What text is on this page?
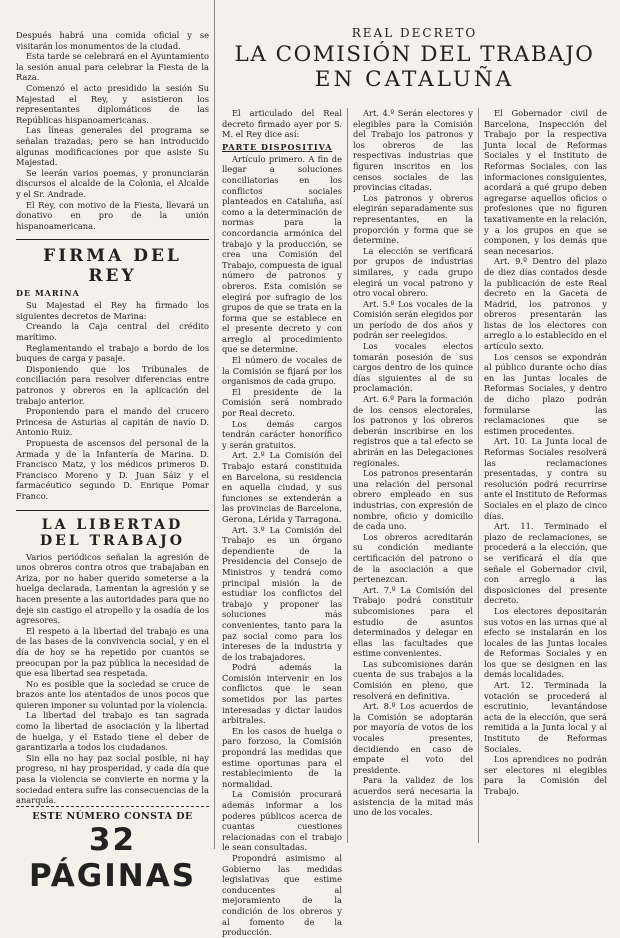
Después habrá una comida oficial y se visitarán los monumentos de la ciudad.

Esta tarde se celebrará en el Ayuntamiento la sesión anual para celebrar la Fiesta de la Raza.

Comenzó el acto presidido la sesión Su Majestad el Rey, y asistieron los representantes diplomáticos de las Repúblicas hispanoamericanas.

Las líneas generales del programa se señalan trazadas, pero se han introducido algunas modificaciones por que asiste Su Majestad.

Se leerán varios poemas, y pronunciarán discursos el alcalde de la Colonia, el Alcalde y el Sr. Andrade.

El Rey, con motivo de la Fiesta, llevará un donativo en pro de la unión hispanoamericana.

FIRMA DEL REY
DE MARINA

Su Majestad el Rey ha firmado los siguientes decretos de Marina:

Creando la Caja central del crédito marítimo.

Reglamentando el trabajo a bordo de los buques de carga y pasaje.

Disponiendo que los Tribunales de conciliación para resolver diferencias entre patronos y obreros en la aplicación del trabajo anterior.

Proponiendo para el mando del crucero Princesa de Asturias al capitán de navío D. Antonio Ruiz.

Propuesta de ascensos del personal de la Armada y de la Infantería de Marina. D. Francisco Matz, y los médicos primeros D. Francisco Moreno y D. Juan Sáiz y el farmacéutico segundo D. Enrique Pomar Franco.

LA LIBERTAD
DEL TRABAJO

Varios periódicos señalan la agresión de unos obreros contra otros que trabajaban en Ariza, por no haber querido someterse a la huelga declarada. Lamentan la agresión y se hacen presente a las autoridades para que no deje sin castigo el atropello y la osadía de los agresores.

El respeto a la libertad del trabajo es una de las bases de la convivencia social, y en el día de hoy se ha repetido por cuantos se preocupan por la paz pública la necesidad de que esa libertad sea respetada.

No es posible que la sociedad se cruce de brazos ante los atentados de unos pocos que quieren imponer su voluntad por la violencia.

La libertad del trabajo es tan sagrada como la libertad de asociación y la libertad de huelga, y el Estado tiene el deber de garantizarla a todos los ciudadanos.

Sin ella no hay paz social posible, ni hay progreso, ni hay prosperidad, y cada día que pasa la violencia se convierte en norma y la sociedad entera sufre las consecuencias de la anarquía.

ESTE NÚMERO CONSTA DE
32 PÁGINAS
REAL DECRETO
LA COMISIÓN DEL TRABAJO
EN CATALUÑA

El articulado del Real decreto firmado ayer por S. M. el Rey dice así:

PARTE DISPOSITIVA

Artículo primero. A fin de llegar a soluciones conciliatorias en los conflictos sociales planteados en Cataluña, así como a la determinación de normas para la concordancia armónica del trabajo y la producción, se crea una Comisión del Trabajo, compuesta de igual número de patronos y obreros. Esta comisión se elegirá por sufragio de los grupos de que se trata en la forma que se establece en el presente decreto y con arreglo al procedimiento que se determine.

El número de vocales de la Comisión se fijará por los organismos de cada grupo.

El presidente de la Comisión será nombrado por Real decreto.

Los demás cargos tendrán carácter honorífico y serán gratuitos.

Art. 2.º La Comisión del Trabajo estará constituida en Barcelona, su residencia en aquella ciudad, y sus funciones se extenderán a las provincias de Barcelona, Gerona, Lérida y Tarragona.

Art. 3.º La Comisión del Trabajo es un órgano dependiente de la Presidencia del Consejo de Ministros y tendrá como principal misión la de estudiar los conflictos del trabajo y proponer las soluciones más convenientes, tanto para la paz social como para los intereses de la industria y de los trabajadores.

Podrá además la Comisión intervenir en los conflictos que le sean sometidos por las partes interesadas y dictar laudos arbitrales.

En los casos de huelga o paro forzoso, la Comisión propondrá las medidas que estime oportunas para el restablecimiento de la normalidad.

La Comisión procurará además informar a los poderes públicos acerca de cuantas cuestiones relacionadas con el trabajo le sean consultadas.

Propondrá asimismo al Gobierno las medidas legislativas que estime conducentes al mejoramiento de la condición de los obreros y al fomento de la producción.

Art. 4.º Serán electores y elegibles para la Comisión del Trabajo los patronos y los obreros de las respectivas industrias que figuren inscritos en los censos sociales de las provincias citadas.

Los patronos y obreros elegirán separadamente sus representantes, en la proporción y forma que se determine.

La elección se verificará por grupos de industrias similares, y cada grupo elegirá un vocal patrono y otro vocal obrero.

Art. 5.º Los vocales de la Comisión serán elegidos por un período de dos años y podrán ser reelegidos.

Los vocales electos tomarán posesión de sus cargos dentro de los quince días siguientes al de su proclamación.

Art. 6.º Para la formación de los censos electorales, los patronos y los obreros deberán inscribirse en los registros que a tal efecto se abrirán en las Delegaciones regionales.

Los patronos presentarán una relación del personal obrero empleado en sus industrias, con expresión de nombre, oficio y domicilio de cada uno.

Los obreros acreditarán su condición mediante certificación del patrono o de la asociación a que pertenezcan.

Art. 7.º La Comisión del Trabajo podrá constituir subcomisiones para el estudio de asuntos determinados y delegar en ellas las facultades que estime convenientes.

Las subcomisiones darán cuenta de sus trabajos a la Comisión en pleno, que resolverá en definitiva.

Art. 8.º Los acuerdos de la Comisión se adoptarán por mayoría de votos de los vocales presentes, decidiendo en caso de empate el voto del presidente.

Para la validez de los acuerdos será necesaria la asistencia de la mitad más uno de los vocales.

El Gobernador civil de Barcelona, Inspección del Trabajo por la respectiva Junta local de Reformas Sociales y el Instituto de Reformas Sociales, con las informaciones consiguientes, acordará a qué grupo deben agregarse aquellos oficios o profesiones que no figuren taxativamente en la relación, y a los grupos en que se componen, y los demás que sean necesarios.

Art. 9.º Dentro del plazo de diez días contados desde la publicación de este Real decreto en la Gaceta de Madrid, los patronos y obreros presentarán las listas de los electores con arreglo a lo establecido en el artículo sexto.

Los censos se expondrán al público durante ocho días en las Juntas locales de Reformas Sociales, y dentro de dicho plazo podrán formularse las reclamaciones que se estimen procedentes.

Art. 10. La Junta local de Reformas Sociales resolverá las reclamaciones presentadas, y contra su resolución podrá recurrirse ante el Instituto de Reformas Sociales en el plazo de cinco días.

Art. 11. Terminado el plazo de reclamaciones, se procederá a la elección, que se verificará el día que señale el Gobernador civil, con arreglo a las disposiciones del presente decreto.

Los electores depositarán sus votos en las urnas que al efecto se instalarán en los locales de las Juntas locales de Reformas Sociales y en los que se designen en las demás localidades.

Art. 12. Terminada la votación se procederá al escrutinio, levantándose acta de la elección, que será remitida a la Junta local y al Instituto de Reformas Sociales.

Los aprendices no podrán ser electores ni elegibles para la Comisión del Trabajo.
